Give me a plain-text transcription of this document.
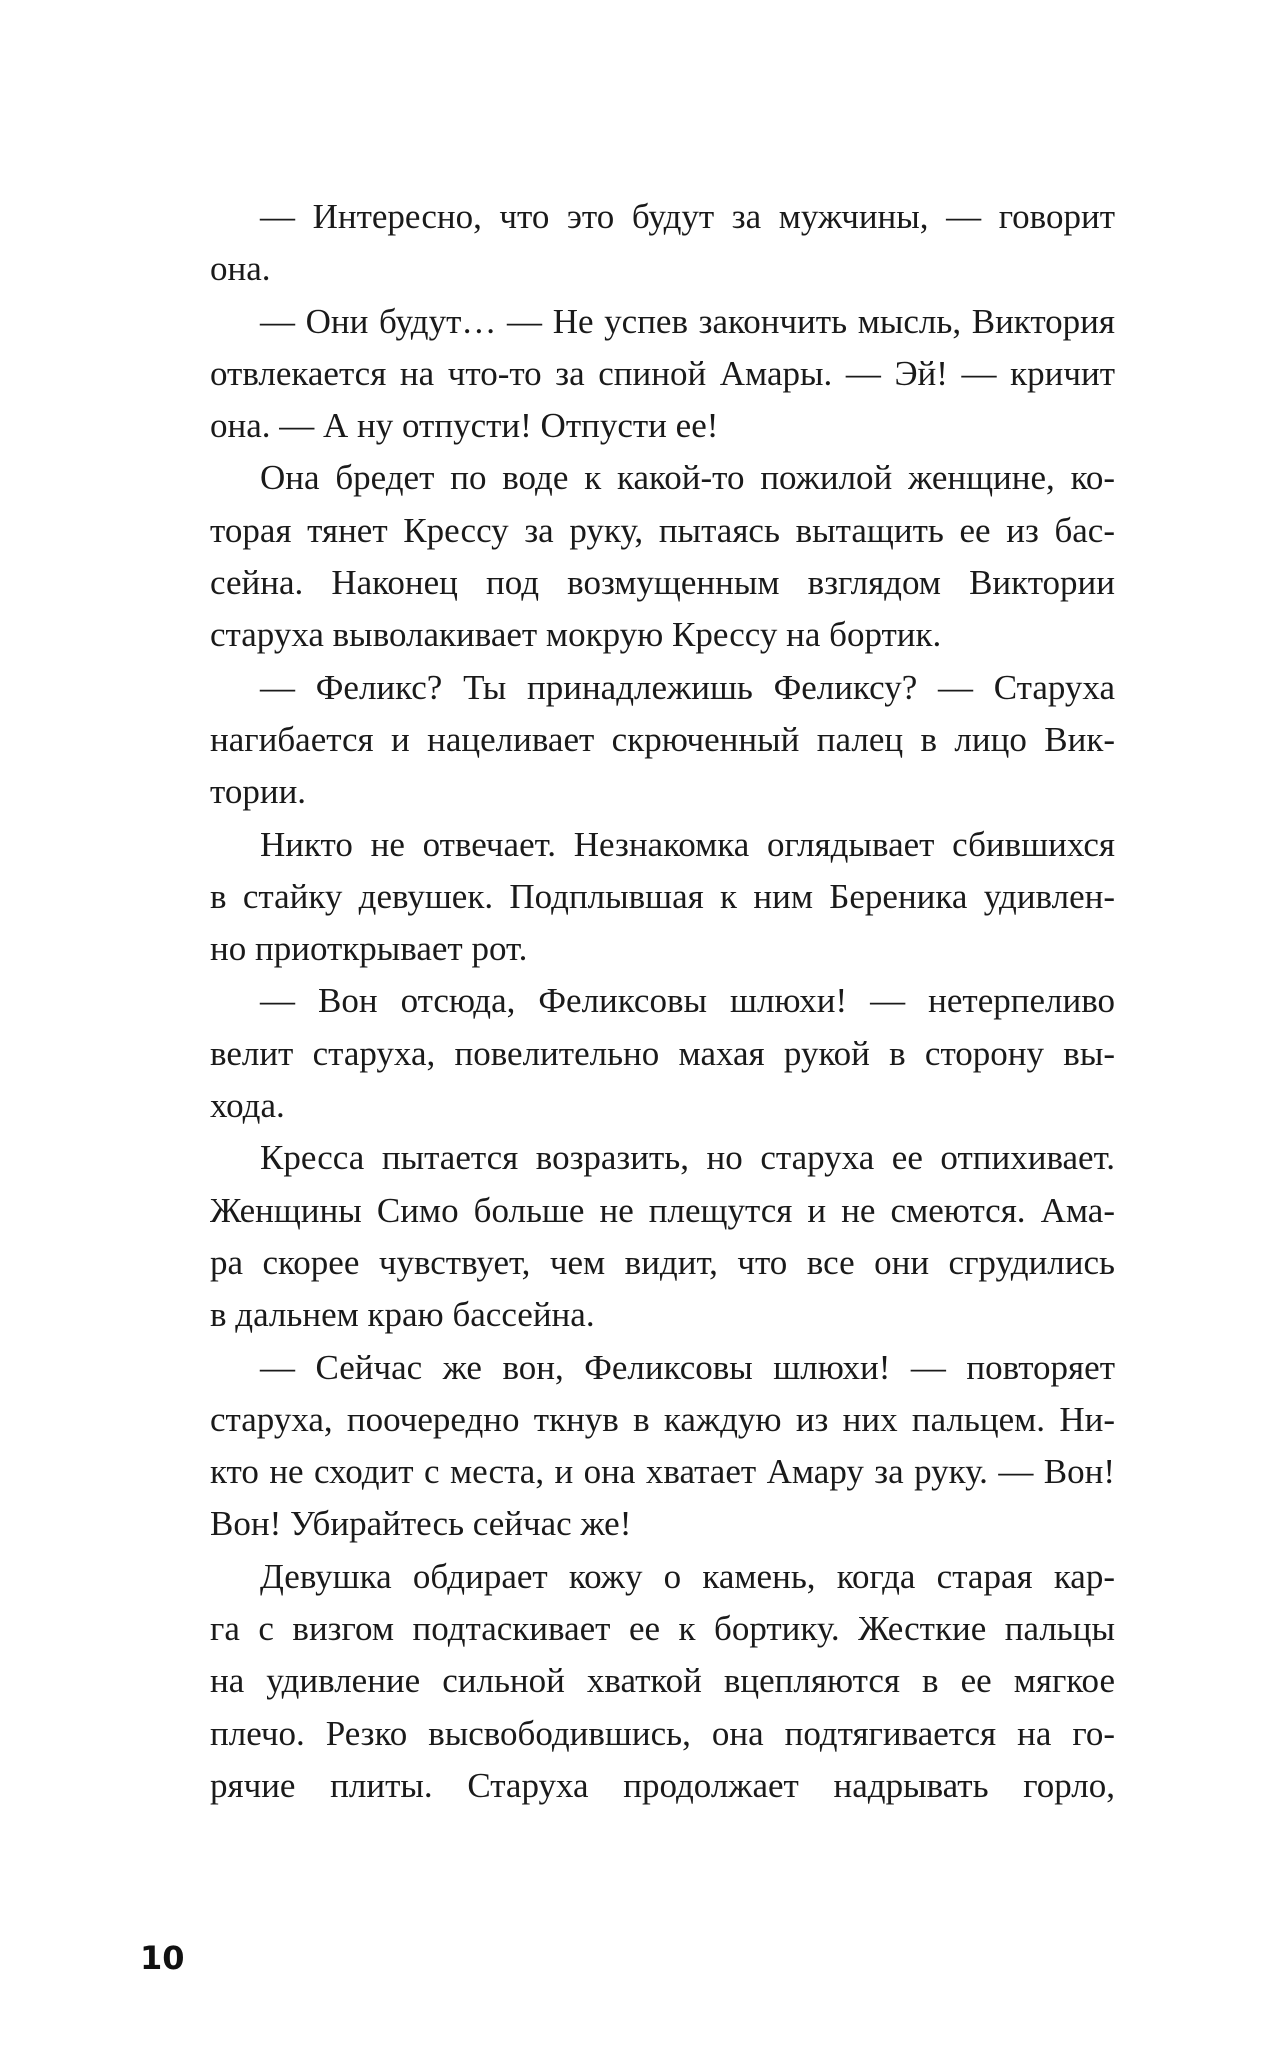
— Интересно, что это будут за мужчины, — говорит
она.
— Они будут… — Не успев закончить мысль, Виктория
отвлекается на что-то за спиной Амары. — Эй! — кричит
она. — А ну отпусти! Отпусти ее!
Она бредет по воде к какой-то пожилой женщине, ко-
торая тянет Крессу за руку, пытаясь вытащить ее из бас-
сейна. Наконец под возмущенным взглядом Виктории
старуха выволакивает мокрую Крессу на бортик.
— Феликс? Ты принадлежишь Феликсу? — Старуха
нагибается и нацеливает скрюченный палец в лицо Вик-
тории.
Никто не отвечает. Незнакомка оглядывает сбившихся
в стайку девушек. Подплывшая к ним Береника удивлен-
но приоткрывает рот.
— Вон отсюда, Феликсовы шлюхи! — нетерпеливо
велит старуха, повелительно махая рукой в сторону вы-
хода.
Кресса пытается возразить, но старуха ее отпихивает.
Женщины Симо больше не плещутся и не смеются. Ама-
ра скорее чувствует, чем видит, что все они сгрудились
в дальнем краю бассейна.
— Сейчас же вон, Феликсовы шлюхи! — повторяет
старуха, поочередно ткнув в каждую из них пальцем. Ни-
кто не сходит с места, и она хватает Амару за руку. — Вон!
Вон! Убирайтесь сейчас же!
Девушка обдирает кожу о камень, когда старая кар-
га с визгом подтаскивает ее к бортику. Жесткие пальцы
на удивление сильной хваткой вцепляются в ее мягкое
плечо. Резко высвободившись, она подтягивается на го-
рячие плиты. Старуха продолжает надрывать горло,
10
